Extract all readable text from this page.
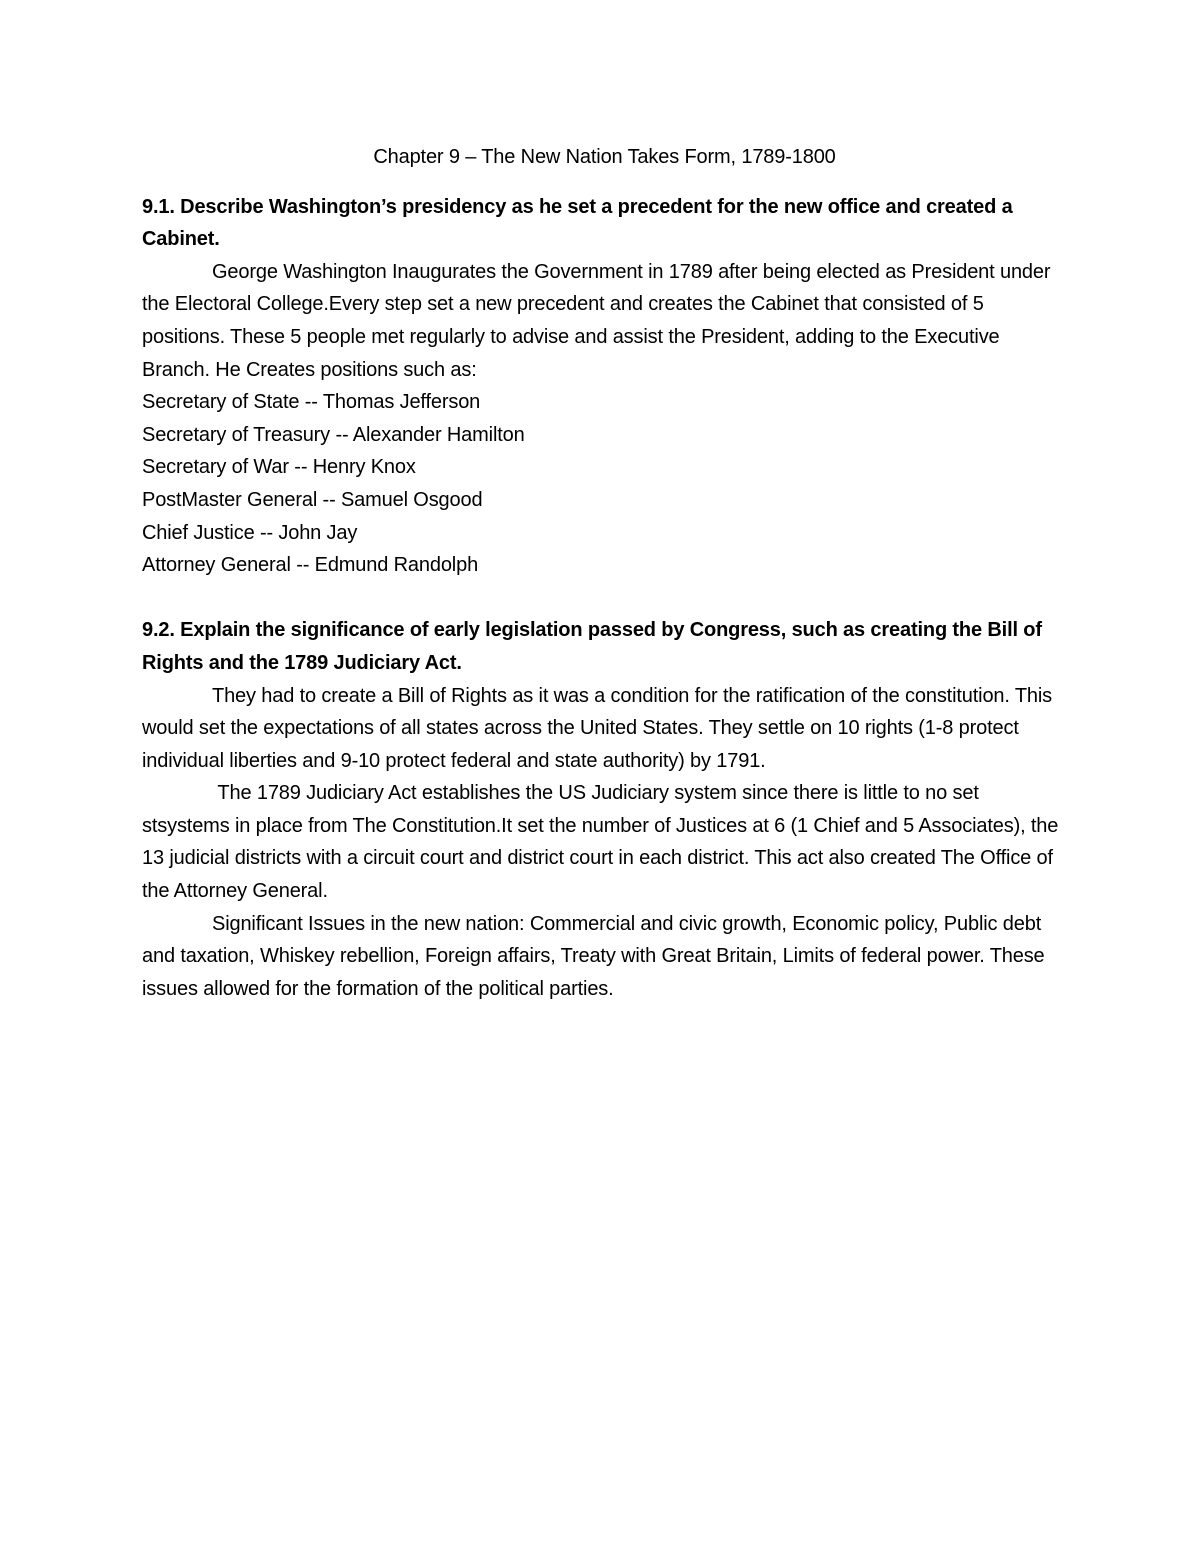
Chapter 9 – The New Nation Takes Form, 1789-1800

9.1. Describe Washington’s presidency as he set a precedent for the new office and created a Cabinet.

George Washington Inaugurates the Government in 1789 after being elected as President under the Electoral College.Every step set a new precedent and creates the Cabinet that consisted of 5 positions. These 5 people met regularly to advise and assist the President, adding to the Executive Branch. He Creates positions such as:

Secretary of State -- Thomas Jefferson
Secretary of Treasury -- Alexander Hamilton
Secretary of War -- Henry Knox
PostMaster General -- Samuel Osgood
Chief Justice -- John Jay
Attorney General -- Edmund Randolph

9.2. Explain the significance of early legislation passed by Congress, such as creating the Bill of Rights and the 1789 Judiciary Act.

They had to create a Bill of Rights as it was a condition for the ratification of the constitution. This would set the expectations of all states across the United States. They settle on 10 rights (1-8 protect individual liberties and 9-10 protect federal and state authority) by 1791.

The 1789 Judiciary Act establishes the US Judiciary system since there is little to no set stsystems in place from The Constitution.It set the number of Justices at 6 (1 Chief and 5 Associates), the 13 judicial districts with a circuit court and district court in each district. This act also created The Office of the Attorney General.

Significant Issues in the new nation: Commercial and civic growth, Economic policy, Public debt and taxation, Whiskey rebellion, Foreign affairs, Treaty with Great Britain, Limits of federal power. These issues allowed for the formation of the political parties.
